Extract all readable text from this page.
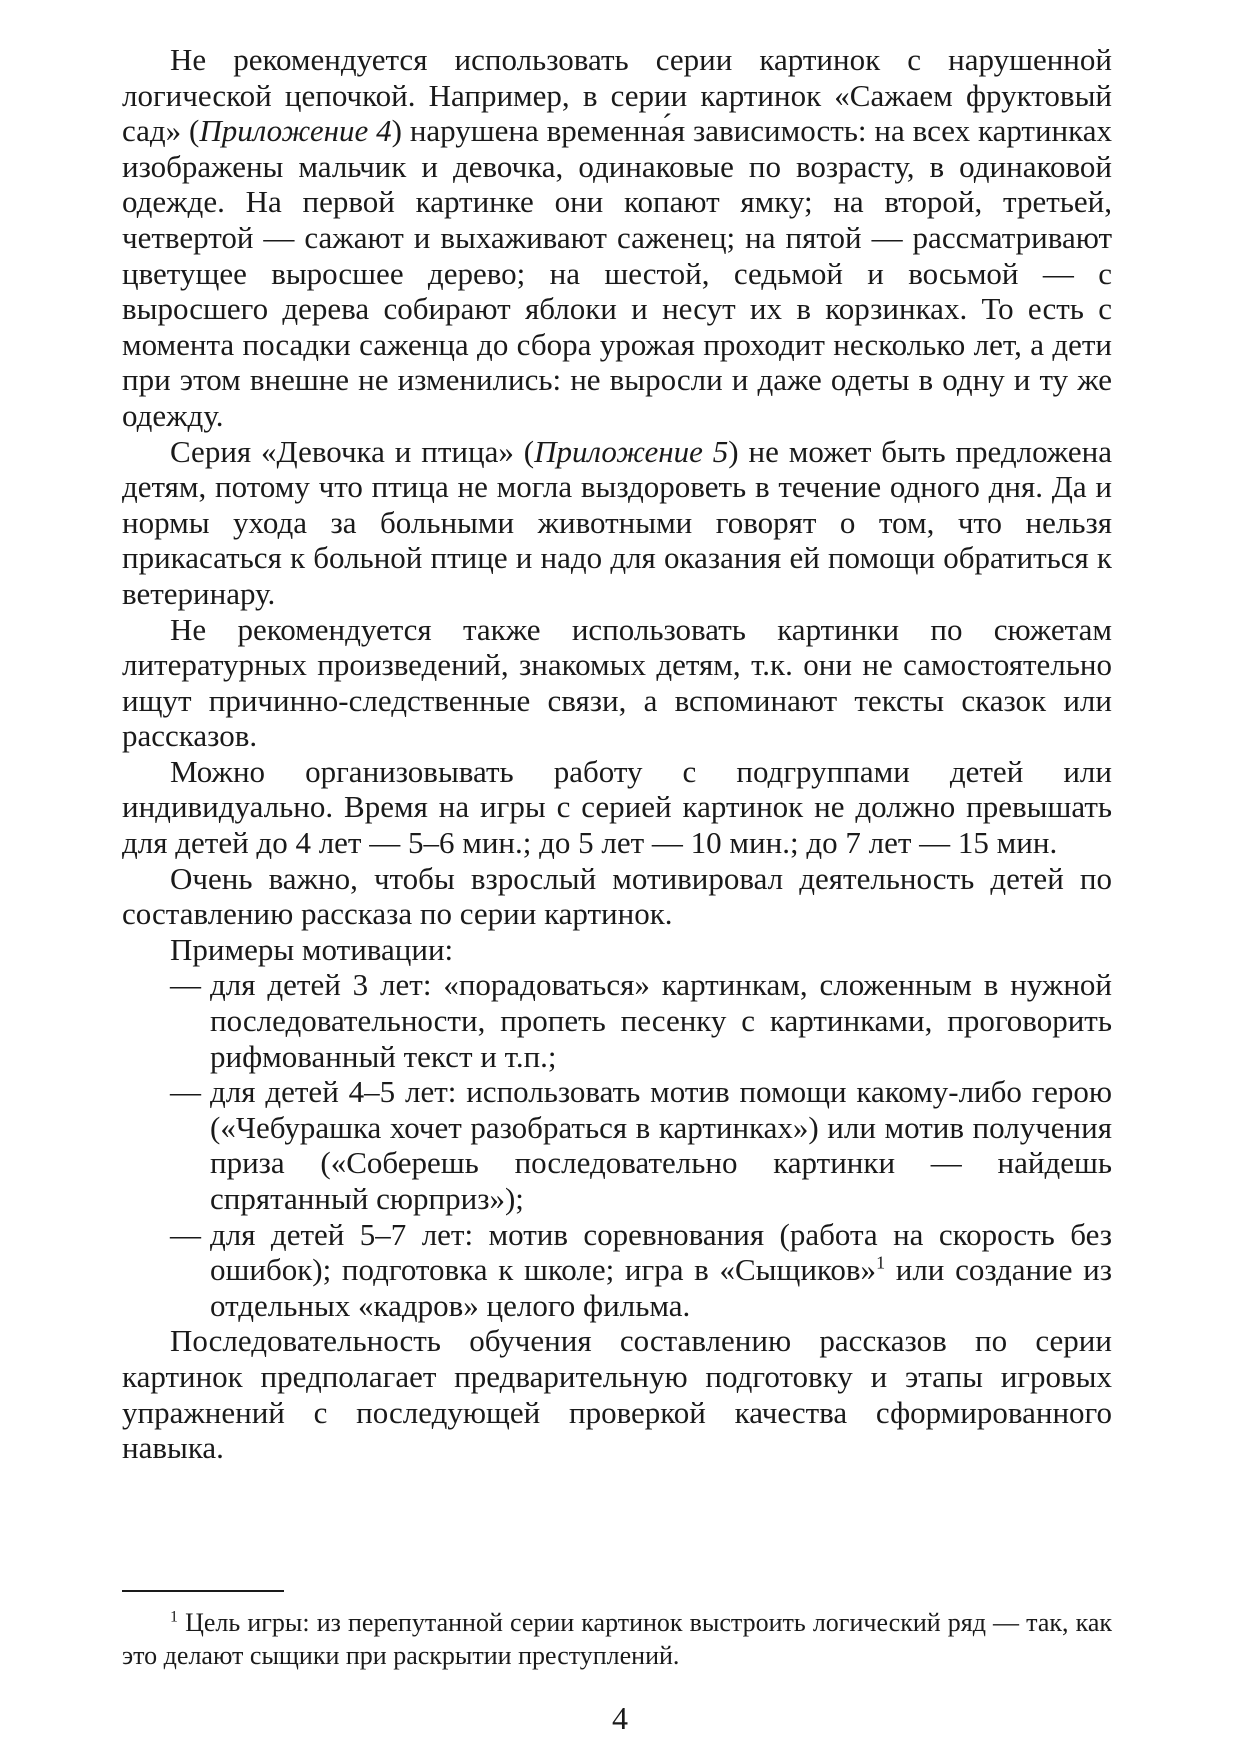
Не рекомендуется использовать серии картинок с нарушенной логической цепочкой. Например, в серии картинок «Сажаем фруктовый сад» (Приложение 4) нарушена временна́я зависимость: на всех картинках изображены мальчик и девочка, одинаковые по возрасту, в одинаковой одежде. На первой картинке они копают ямку; на второй, третьей, четвертой — сажают и выхаживают саженец; на пятой — рассматривают цветущее выросшее дерево; на шестой, седьмой и восьмой — с выросшего дерева собирают яблоки и несут их в корзинках. То есть с момента посадки саженца до сбора урожая проходит несколько лет, а дети при этом внешне не изменились: не выросли и даже одеты в одну и ту же одежду.

Серия «Девочка и птица» (Приложение 5) не может быть предложена детям, потому что птица не могла выздороветь в течение одного дня. Да и нормы ухода за больными животными говорят о том, что нельзя прикасаться к больной птице и надо для оказания ей помощи обратиться к ветеринару.

Не рекомендуется также использовать картинки по сюжетам литературных произведений, знакомых детям, т.к. они не самостоятельно ищут причинно-следственные связи, а вспоминают тексты сказок или рассказов.

Можно организовывать работу с подгруппами детей или индивидуально. Время на игры с серией картинок не должно превышать для детей до 4 лет — 5–6 мин.; до 5 лет — 10 мин.; до 7 лет — 15 мин.

Очень важно, чтобы взрослый мотивировал деятельность детей по составлению рассказа по серии картинок.

Примеры мотивации:

— для детей 3 лет: «порадоваться» картинкам, сложенным в нужной последовательности, пропеть песенку с картинками, проговорить рифмованный текст и т.п.;
— для детей 4–5 лет: использовать мотив помощи какому-либо герою («Чебурашка хочет разобраться в картинках») или мотив получения приза («Соберешь последовательно картинки — найдешь спрятанный сюрприз»);
— для детей 5–7 лет: мотив соревнования (работа на скорость без ошибок); подготовка к школе; игра в «Сыщиков»$^1$ или создание из отдельных «кадров» целого фильма.

Последовательность обучения составлению рассказов по серии картинок предполагает предварительную подготовку и этапы игровых упражнений с последующей проверкой качества сформированного навыка.

$^1$ Цель игры: из перепутанной серии картинок выстроить логический ряд — так, как это делают сыщики при раскрытии преступлений.

4
